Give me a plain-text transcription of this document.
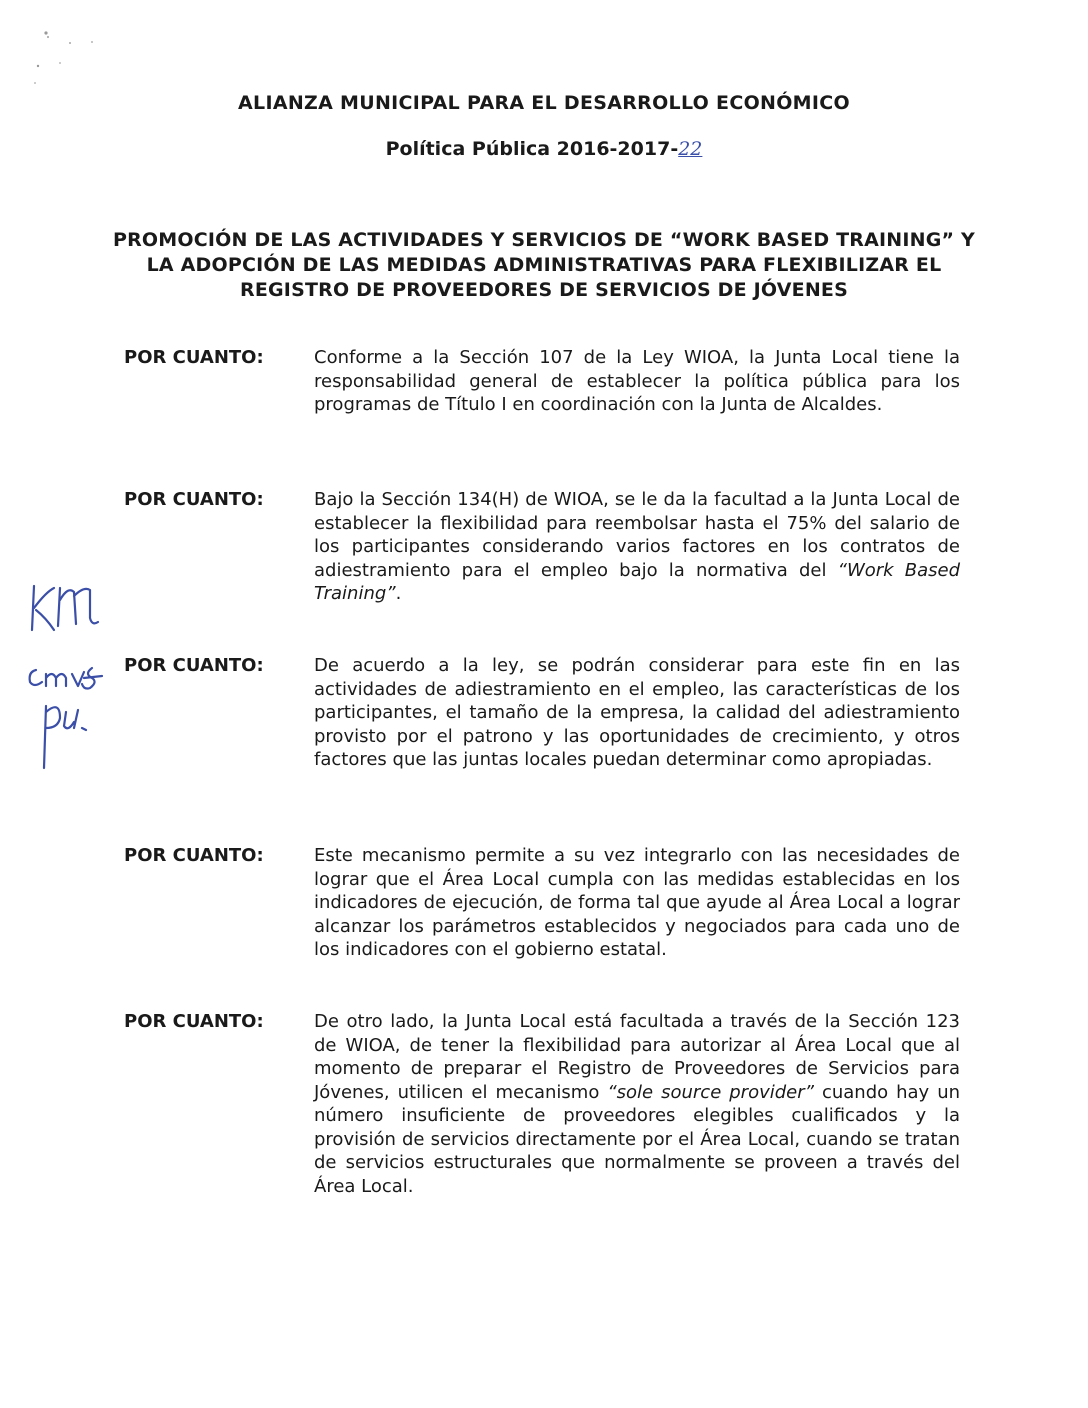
ALIANZA MUNICIPAL PARA EL DESARROLLO ECONÓMICO
Política Pública 2016-2017-22
PROMOCIÓN DE LAS ACTIVIDADES Y SERVICIOS DE “WORK BASED TRAINING” Y LA ADOPCIÓN DE LAS MEDIDAS ADMINISTRATIVAS PARA FLEXIBILIZAR EL REGISTRO DE PROVEEDORES DE SERVICIOS DE JÓVENES
POR CUANTO:	Conforme a la Sección 107 de la Ley WIOA, la Junta Local tiene la responsabilidad general de establecer la política pública para los programas de Título I en coordinación con la Junta de Alcaldes.
POR CUANTO:	Bajo la Sección 134(H) de WIOA, se le da la facultad a la Junta Local de establecer la flexibilidad para reembolsar hasta el 75% del salario de los participantes considerando varios factores en los contratos de adiestramiento para el empleo bajo la normativa del “Work Based Training”.
POR CUANTO:	De acuerdo a la ley, se podrán considerar para este fin en las actividades de adiestramiento en el empleo, las características de los participantes, el tamaño de la empresa, la calidad del adiestramiento provisto por el patrono y las oportunidades de crecimiento, y otros factores que las juntas locales puedan determinar como apropiadas.
POR CUANTO:	Este mecanismo permite a su vez integrarlo con las necesidades de lograr que el Área Local cumpla con las medidas establecidas en los indicadores de ejecución, de forma tal que ayude al Área Local a lograr alcanzar los parámetros establecidos y negociados para cada uno de los indicadores con el gobierno estatal.
POR CUANTO:	De otro lado, la Junta Local está facultada a través de la Sección 123 de WIOA, de tener la flexibilidad para autorizar al Área Local que al momento de preparar el Registro de Proveedores de Servicios para Jóvenes, utilicen el mecanismo “sole source provider” cuando hay un número insuficiente de proveedores elegibles cualificados y la provisión de servicios directamente por el Área Local, cuando se tratan de servicios estructurales que normalmente se proveen a través del Área Local.
